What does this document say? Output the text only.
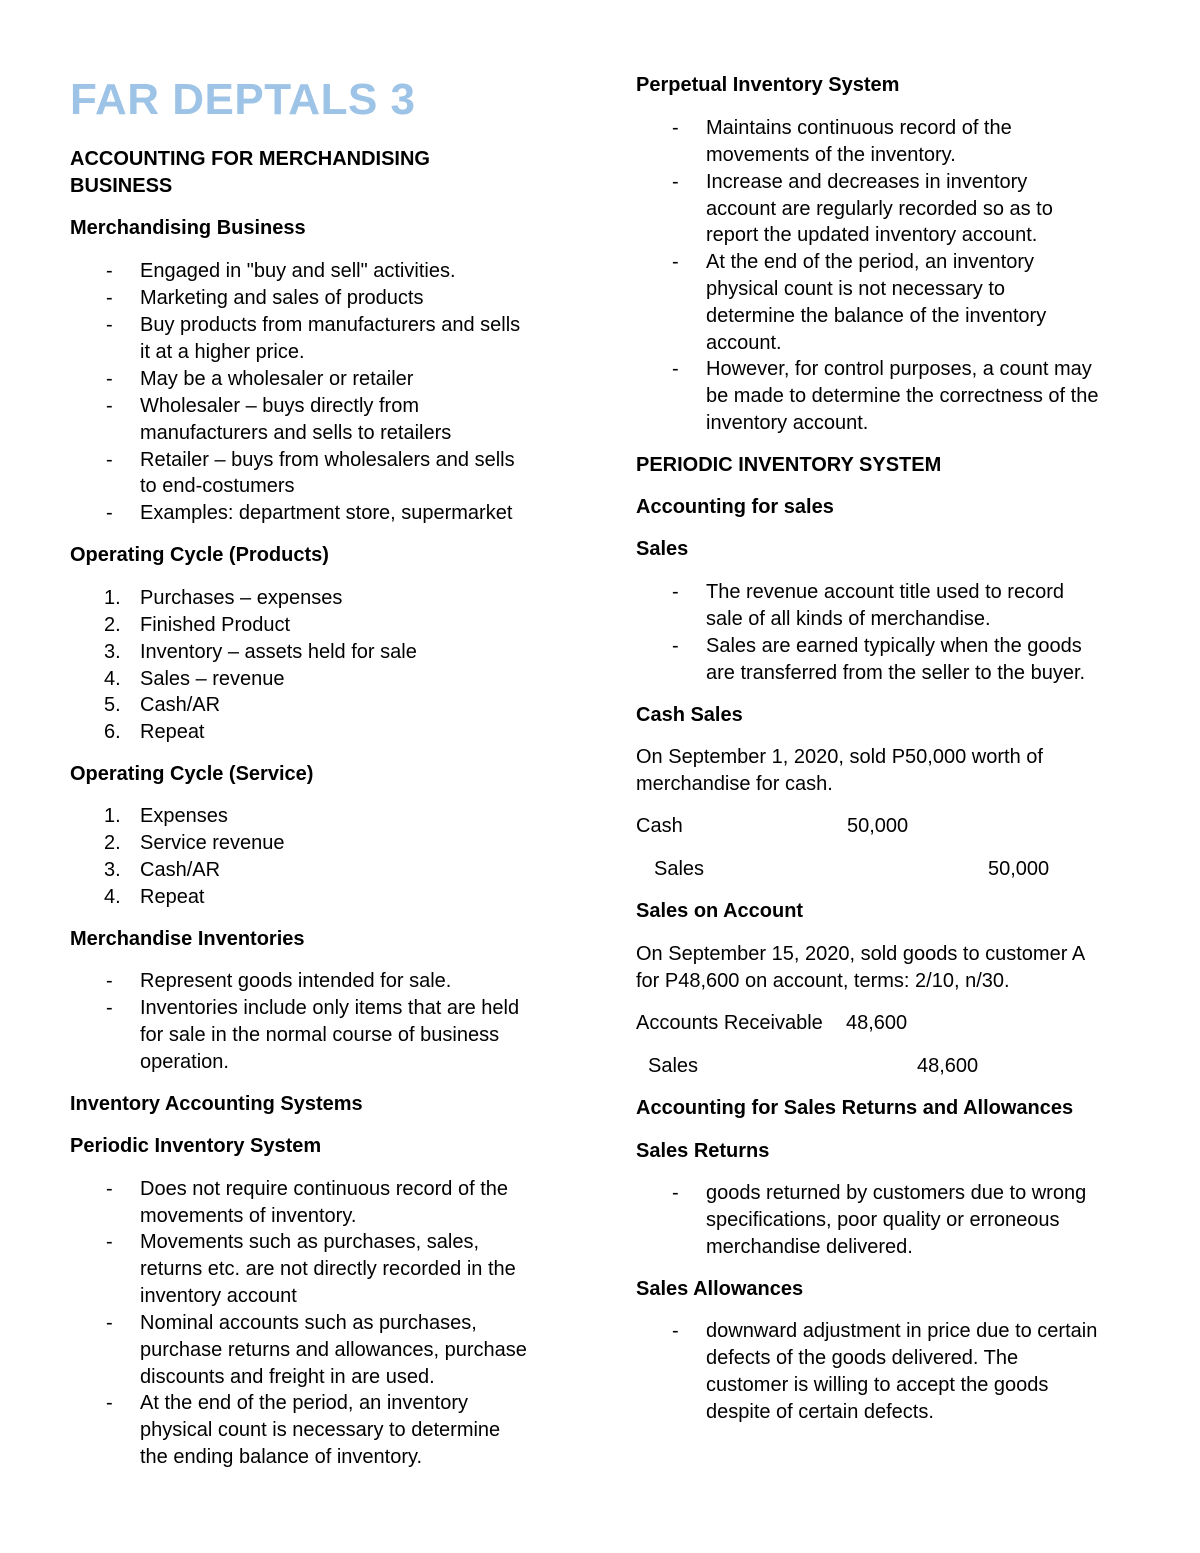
FAR DEPTALS 3
ACCOUNTING FOR MERCHANDISING
BUSINESS
Merchandising Business
-	Engaged in "buy and sell" activities.
-	Marketing and sales of products
-	Buy products from manufacturers and sells
it at a higher price.
-	May be a wholesaler or retailer
-	Wholesaler – buys directly from
manufacturers and sells to retailers
-	Retailer – buys from wholesalers and sells
to end-costumers
-	Examples: department store, supermarket
Operating Cycle (Products)
1. Purchases – expenses
2. Finished Product
3. Inventory – assets held for sale
4. Sales – revenue
5. Cash/AR
6. Repeat
Operating Cycle (Service)
1. Expenses
2. Service revenue
3. Cash/AR
4. Repeat
Merchandise Inventories
-	Represent goods intended for sale.
-	Inventories include only items that are held
for sale in the normal course of business
operation.
Inventory Accounting Systems
Periodic Inventory System
-	Does not require continuous record of the
movements of inventory.
-	Movements such as purchases, sales,
returns etc. are not directly recorded in the
inventory account
-	Nominal accounts such as purchases,
purchase returns and allowances, purchase
discounts and freight in are used.
-	At the end of the period, an inventory
physical count is necessary to determine
the ending balance of inventory.
Perpetual Inventory System
-	Maintains continuous record of the
movements of the inventory.
-	Increase and decreases in inventory
account are regularly recorded so as to
report the updated inventory account.
-	At the end of the period, an inventory
physical count is not necessary to
determine the balance of the inventory
account.
-	However, for control purposes, a count may
be made to determine the correctness of the
inventory account.
PERIODIC INVENTORY SYSTEM
Accounting for sales
Sales
-	The revenue account title used to record
sale of all kinds of merchandise.
-	Sales are earned typically when the goods
are transferred from the seller to the buyer.
Cash Sales
On September 1, 2020, sold P50,000 worth of
merchandise for cash.
Cash	50,000
Sales	50,000
Sales on Account
On September 15, 2020, sold goods to customer A
for P48,600 on account, terms: 2/10, n/30.
Accounts Receivable 48,600
Sales	48,600
Accounting for Sales Returns and Allowances
Sales Returns
-	goods returned by customers due to wrong
specifications, poor quality or erroneous
merchandise delivered.
Sales Allowances
-	downward adjustment in price due to certain
defects of the goods delivered. The
customer is willing to accept the goods
despite of certain defects.
